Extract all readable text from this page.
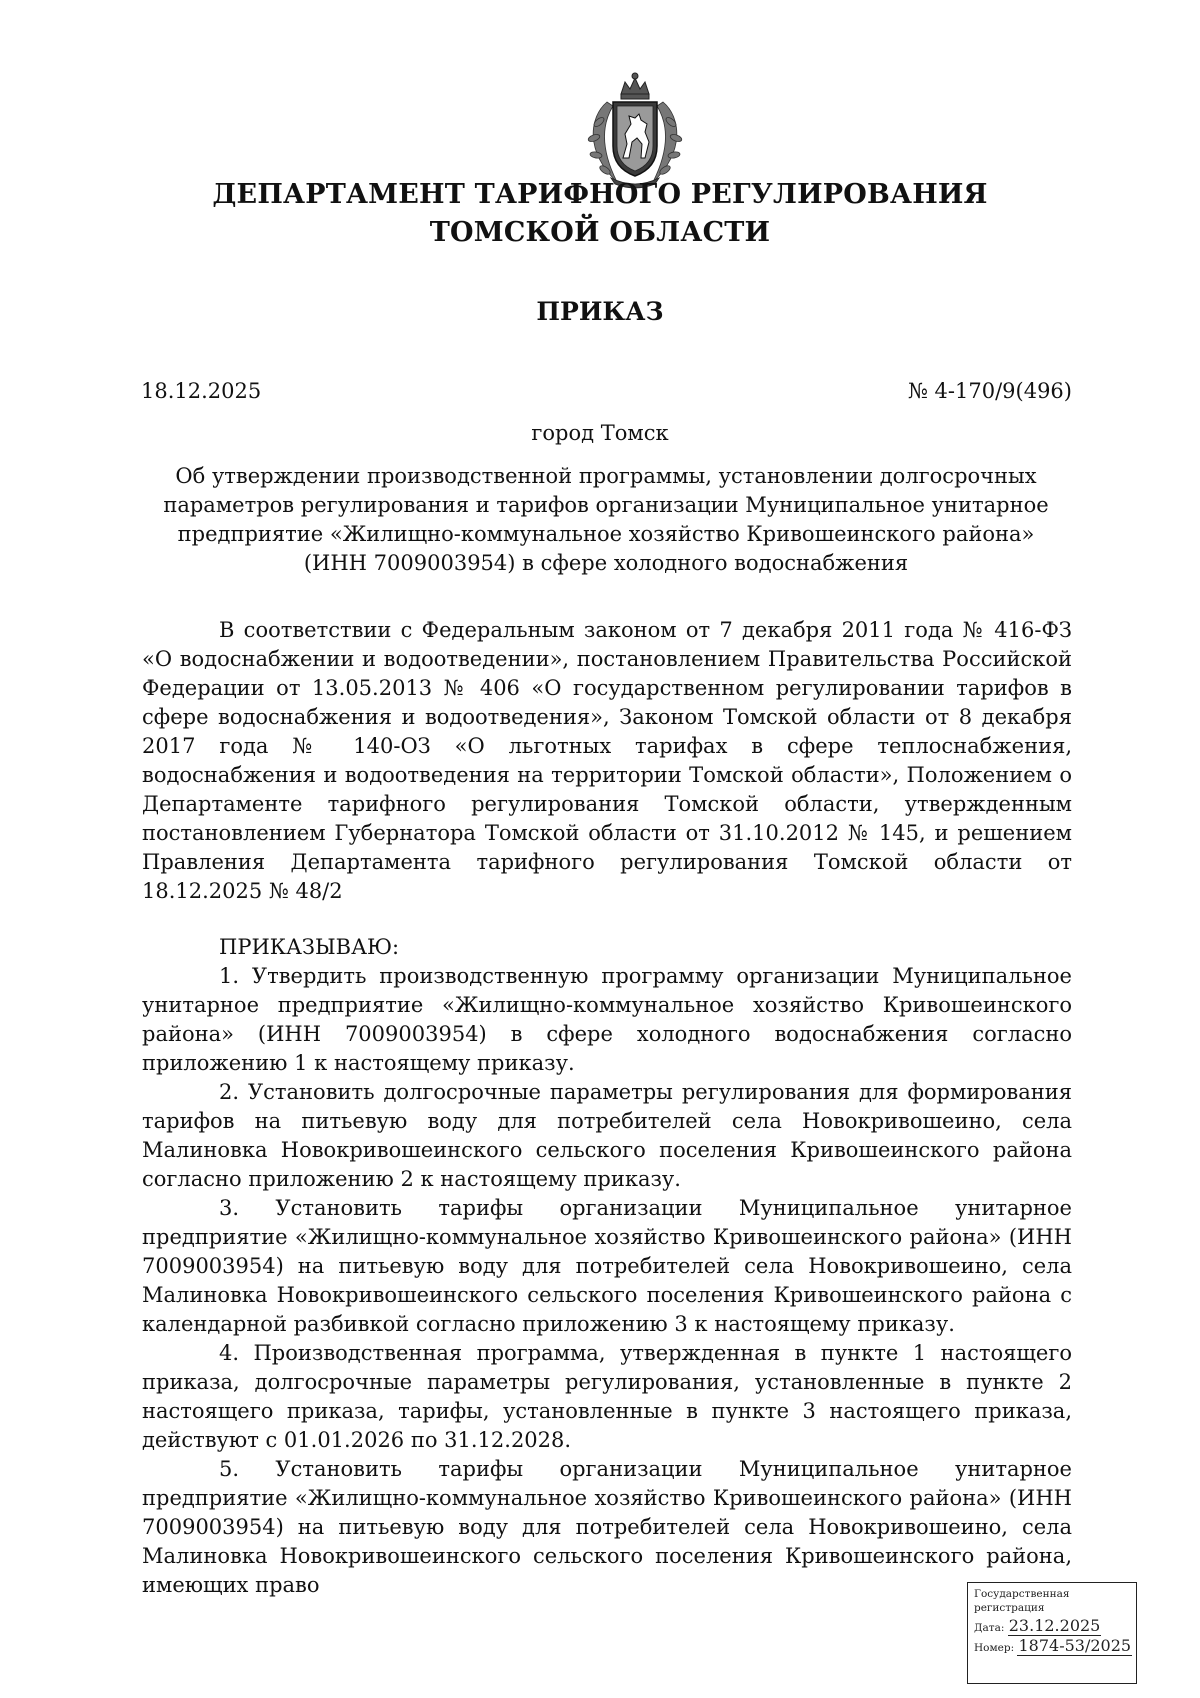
ДЕПАРТАМЕНТ ТАРИФНОГО РЕГУЛИРОВАНИЯ
ТОМСКОЙ ОБЛАСТИ
ПРИКАЗ
18.12.2025	№ 4-170/9(496)
город Томск
Об утверждении производственной программы, установлении долгосрочных
параметров регулирования и тарифов организации Муниципальное унитарное
предприятие «Жилищно-коммунальное хозяйство Кривошеинского района»
(ИНН 7009003954) в сфере холодного водоснабжения

В соответствии с Федеральным законом от 7 декабря 2011 года № 416-ФЗ «О водоснабжении и водоотведении», постановлением Правительства Российской Федерации от 13.05.2013 № 406 «О государственном регулировании тарифов в сфере водоснабжения и водоотведения», Законом Томской области от 8 декабря 2017 года № 140-ОЗ «О льготных тарифах в сфере теплоснабжения, водоснабжения и водоотведения на территории Томской области», Положением о Департаменте тарифного регулирования Томской области, утвержденным постановлением Губернатора Томской области от 31.10.2012 № 145, и решением Правления Департамента тарифного регулирования Томской области от 18.12.2025 № 48/2

ПРИКАЗЫВАЮ:

1. Утвердить производственную программу организации Муниципальное унитарное предприятие «Жилищно-коммунальное хозяйство Кривошеинского района» (ИНН 7009003954) в сфере холодного водоснабжения согласно приложению 1 к настоящему приказу.

2. Установить долгосрочные параметры регулирования для формирования тарифов на питьевую воду для потребителей села Новокривошеино, села Малиновка Новокривошеинского сельского поселения Кривошеинского района согласно приложению 2 к настоящему приказу.

3. Установить тарифы организации Муниципальное унитарное предприятие «Жилищно-коммунальное хозяйство Кривошеинского района» (ИНН 7009003954) на питьевую воду для потребителей села Новокривошеино, села Малиновка Новокривошеинского сельского поселения Кривошеинского района с календарной разбивкой согласно приложению 3 к настоящему приказу.

4. Производственная программа, утвержденная в пункте 1 настоящего приказа, долгосрочные параметры регулирования, установленные в пункте 2 настоящего приказа, тарифы, установленные в пункте 3 настоящего приказа, действуют с 01.01.2026 по 31.12.2028.

5. Установить тарифы организации Муниципальное унитарное предприятие «Жилищно-коммунальное хозяйство Кривошеинского района» (ИНН 7009003954) на питьевую воду для потребителей села Новокривошеино, села Малиновка Новокривошеинского сельского поселения Кривошеинского района, имеющих право	Государственная регистрация
Дата: 23.12.2025
Номер: 1874-53/2025
